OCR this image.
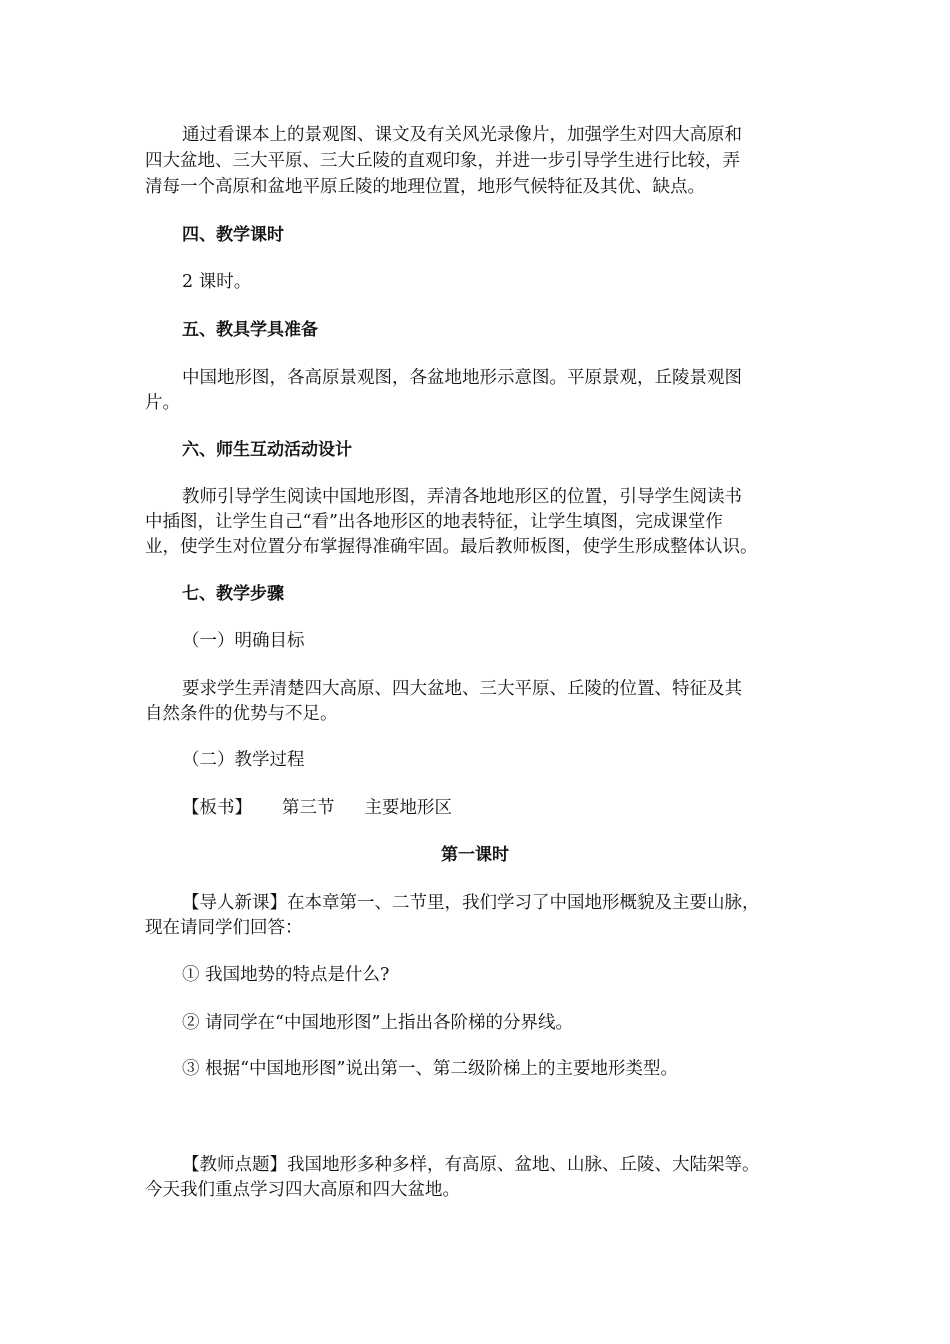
通过看课本上的景观图、课文及有关风光录像片，加强学生对四大高原和

四大盆地、三大平原、三大丘陵的直观印象，并进一步引导学生进行比较，弄

清每一个高原和盆地平原丘陵的地理位置，地形气候特征及其优、缺点。

四、教学课时

2 课时。

五、教具学具准备

中国地形图，各高原景观图，各盆地地形示意图。平原景观，丘陵景观图

片。

六、师生互动活动设计

教师引导学生阅读中国地形图，弄清各地地形区的位置，引导学生阅读书

中插图，让学生自己“看”出各地形区的地表特征，让学生填图，完成课堂作

业，使学生对位置分布掌握得准确牢固。最后教师板图，使学生形成整体认识。

七、教学步骤

（一）明确目标

要求学生弄清楚四大高原、四大盆地、三大平原、丘陵的位置、特征及其

自然条件的优势与不足。

（二）教学过程

【板书】 第三节 主要地形区

第一课时

【导人新课】在本章第一、二节里，我们学习了中国地形概貌及主要山脉，

现在请同学们回答：

① 我国地势的特点是什么?

② 请同学在“中国地形图”上指出各阶梯的分界线。

③ 根据“中国地形图”说出第一、第二级阶梯上的主要地形类型。

【教师点题】我国地形多种多样，有高原、盆地、山脉、丘陵、大陆架等。

今天我们重点学习四大高原和四大盆地。
